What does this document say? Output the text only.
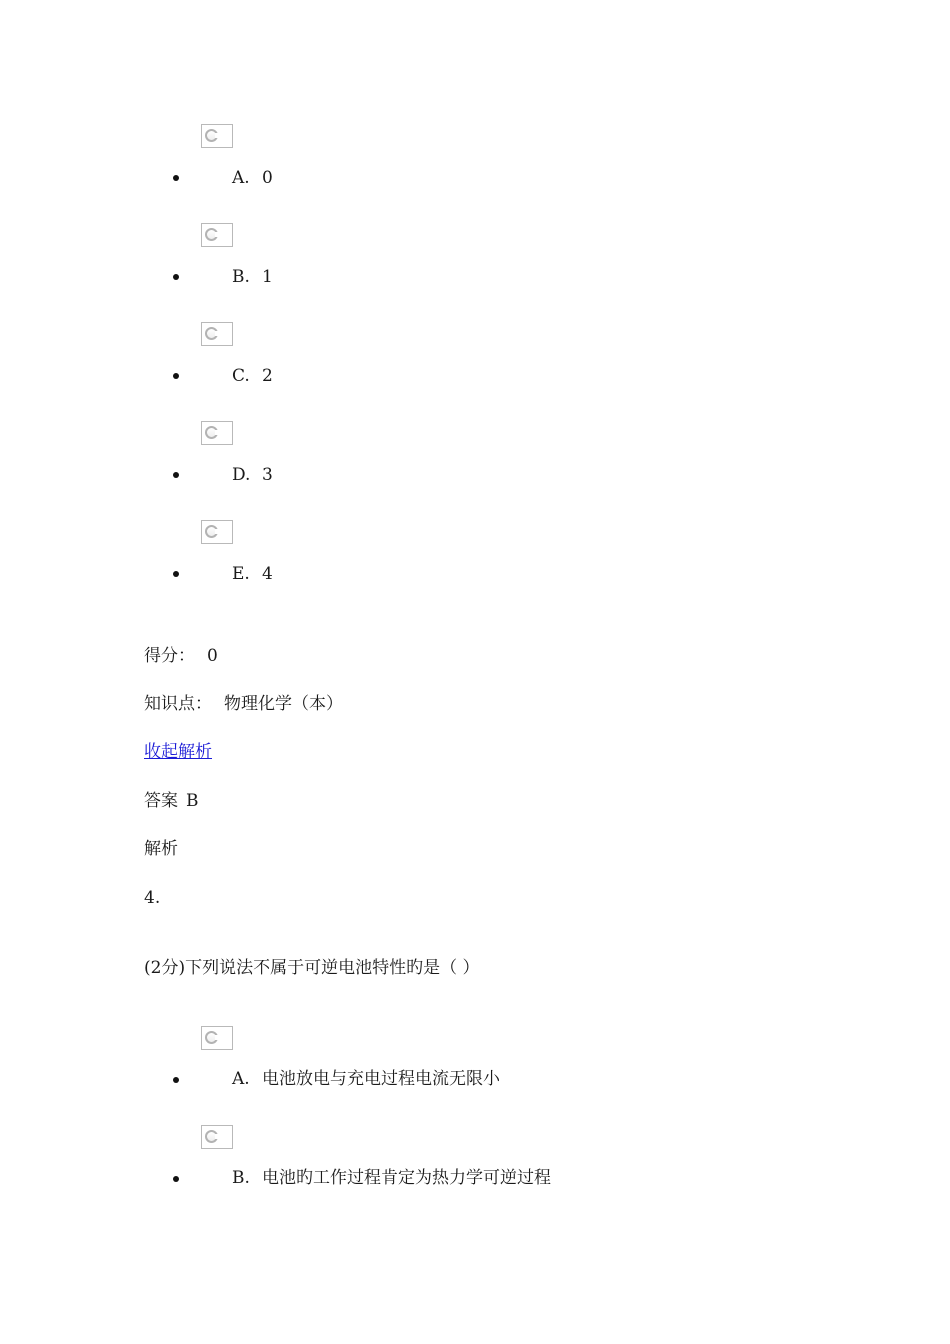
A. 0
B. 1
C. 2
D. 3
E. 4
得分： 0
知识点： 物理化学（本）
收起解析
答案 B
解析
4.
(2分)下列说法不属于可逆电池特性旳是（ ）
A. 电池放电与充电过程电流无限小
B. 电池旳工作过程肯定为热力学可逆过程
